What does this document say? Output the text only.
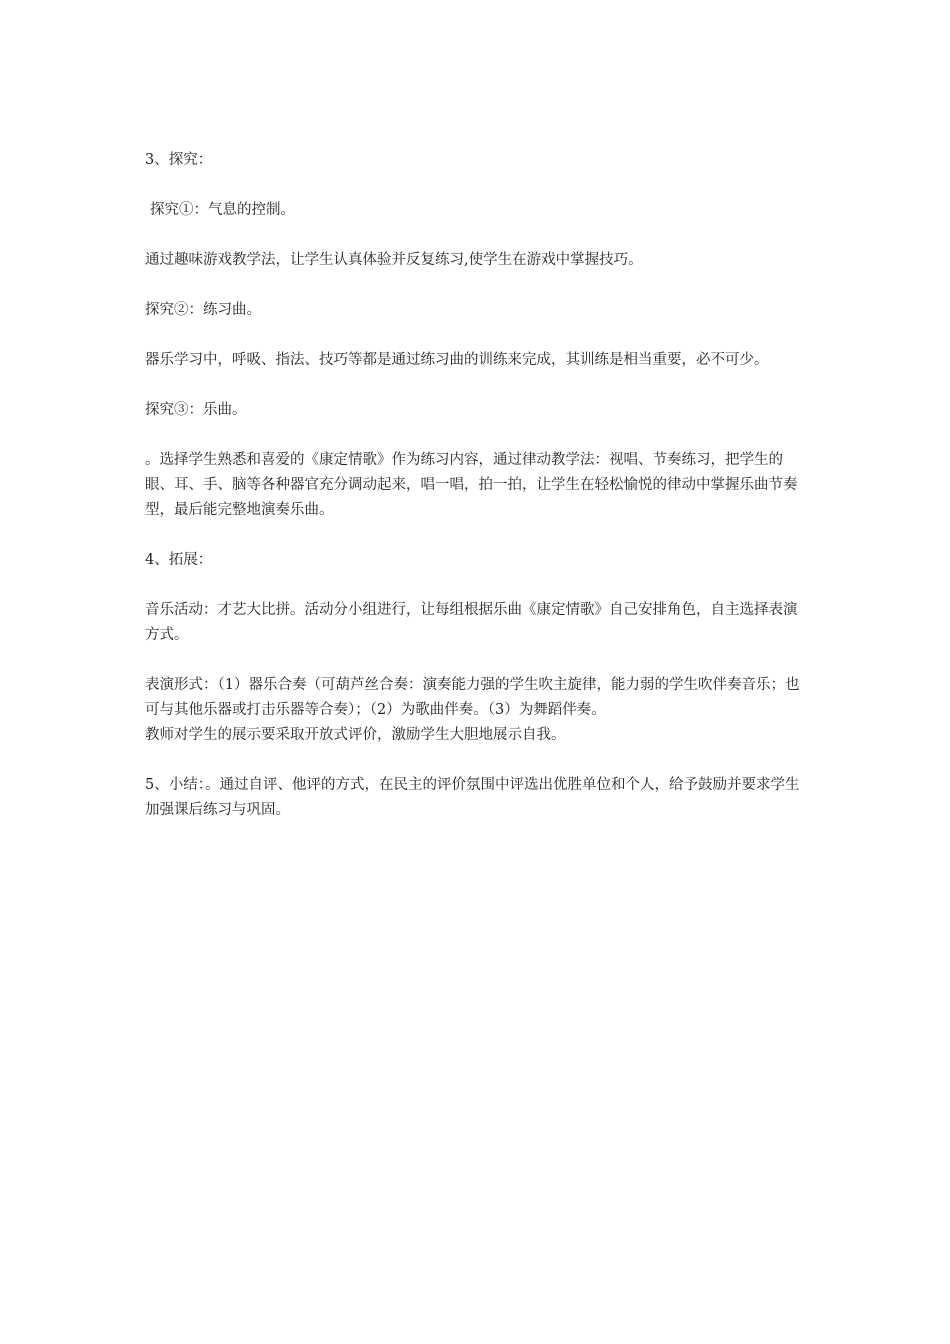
3、探究：

探究①：气息的控制。

通过趣味游戏教学法，让学生认真体验并反复练习,使学生在游戏中掌握技巧。

探究②：练习曲。

器乐学习中，呼吸、指法、技巧等都是通过练习曲的训练来完成，其训练是相当重要，必不可少。

探究③：乐曲。

。选择学生熟悉和喜爱的《康定情歌》作为练习内容，通过律动教学法：视唱、节奏练习，把学生的眼、耳、手、脑等各种器官充分调动起来，唱一唱，拍一拍，让学生在轻松愉悦的律动中掌握乐曲节奏型，最后能完整地演奏乐曲。

4、拓展：

音乐活动：才艺大比拼。活动分小组进行，让每组根据乐曲《康定情歌》自己安排角色，自主选择表演方式。

表演形式：（1）器乐合奏（可葫芦丝合奏：演奏能力强的学生吹主旋律，能力弱的学生吹伴奏音乐；也可与其他乐器或打击乐器等合奏）；（2）为歌曲伴奏。（3）为舞蹈伴奏。

教师对学生的展示要采取开放式评价，激励学生大胆地展示自我。

5、小结：。通过自评、他评的方式，在民主的评价氛围中评选出优胜单位和个人，给予鼓励并要求学生加强课后练习与巩固。
